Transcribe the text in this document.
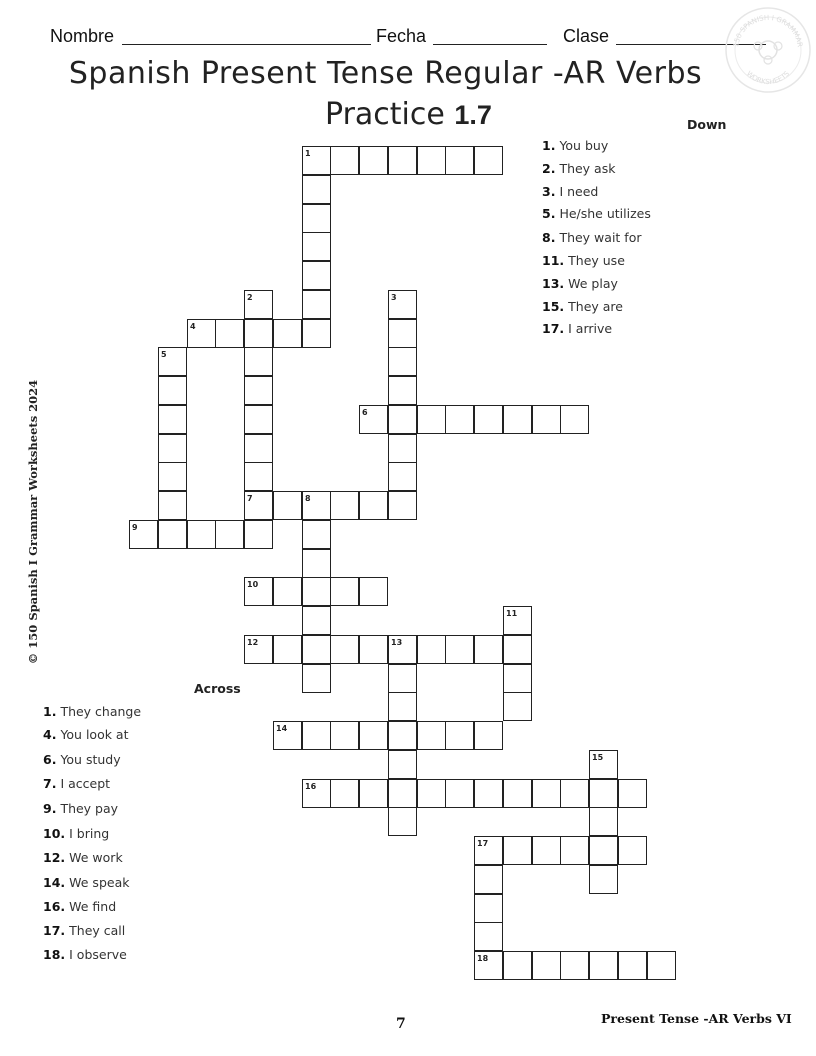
Nombre	Fecha	Clase	150 SPANISH I GRAMMAR
WORKSHEETS
Spanish Present Tense Regular -AR Verbs
Practice 1.7
© 150 Spanish I Grammar Worksheets 2024
Down
1. You buy
2. They ask
3. I need
5. He/she utilizes
8. They wait for
11. They use
13. We play
15. They are
17. I arrive
Across
1. They change
4. You look at
6. You study
7. I accept
9. They pay
10. I bring
12. We work
14. We speak
16. We find
17. They call
18. I observe
1
2	3
4
5
6
7	8
9
10
11
12	13
14
15
16
17
18
7	Present Tense -AR Verbs VI
